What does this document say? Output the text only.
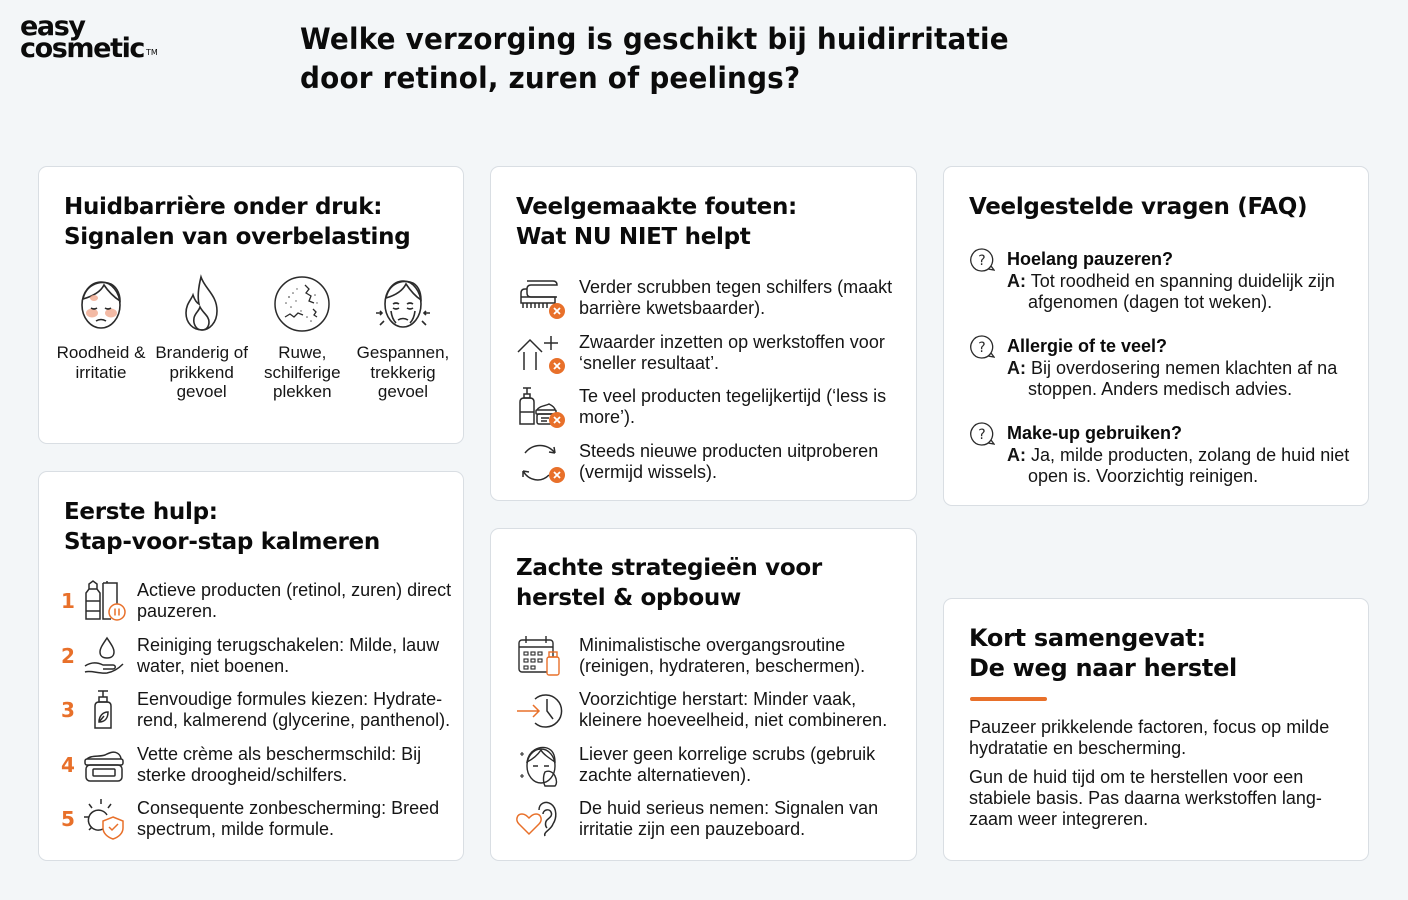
easy
cosmetic ™	Welke verzorging is geschikt bij huidirritatie door retinol, zuren of peelings?
Huidbarrière onder druk:
Signalen van overbelasting
Roodheid & irritatie
Branderig of prikkend gevoel
Ruwe, schilferige plekken
Gespannen, trekkerig gevoel
Eerste hulp:
Stap-voor-stap kalmeren
1	Actieve producten (retinol, zuren) direct pauzeren.
2	Reiniging terugschakelen: Milde, lauw water, niet boenen.
3	Eenvoudige formules kiezen: Hydrate-rend, kalmerend (glycerine, panthenol).
4	Vette crème als beschermschild: Bij sterke droogheid/schilfers.
5	Consequente zonbescherming: Breed spectrum, milde formule.
Veelgemaakte fouten:
Wat NU NIET helpt
Verder scrubben tegen schilfers (maakt barrière kwetsbaarder).
Zwaarder inzetten op werkstoffen voor ‘sneller resultaat’.
Te veel producten tegelijkertijd (‘less is more’).
Steeds nieuwe producten uitproberen (vermijd wissels).
Zachte strategieën voor
herstel & opbouw
Minimalistische overgangsroutine (reinigen, hydrateren, beschermen).
Voorzichtige herstart: Minder vaak, kleinere hoeveelheid, niet combineren.
Liever geen korrelige scrubs (gebruik zachte alternatieven).
De huid serieus nemen: Signalen van irritatie zijn een pauzeboard.
Veelgestelde vragen (FAQ)
? Hoelang pauzeren?
A: Tot roodheid en spanning duidelijk zijn afgenomen (dagen tot weken).
? Allergie of te veel?
A: Bij overdosering nemen klachten af na stoppen. Anders medisch advies.
? Make-up gebruiken?
A: Ja, milde producten, zolang de huid niet open is. Voorzichtig reinigen.
Kort samengevat:
De weg naar herstel

Pauzeer prikkelende factoren, focus op milde hydratatie en bescherming.

Gun de huid tijd om te herstellen voor een stabiele basis. Pas daarna werkstoffen lang-zaam weer integreren.
